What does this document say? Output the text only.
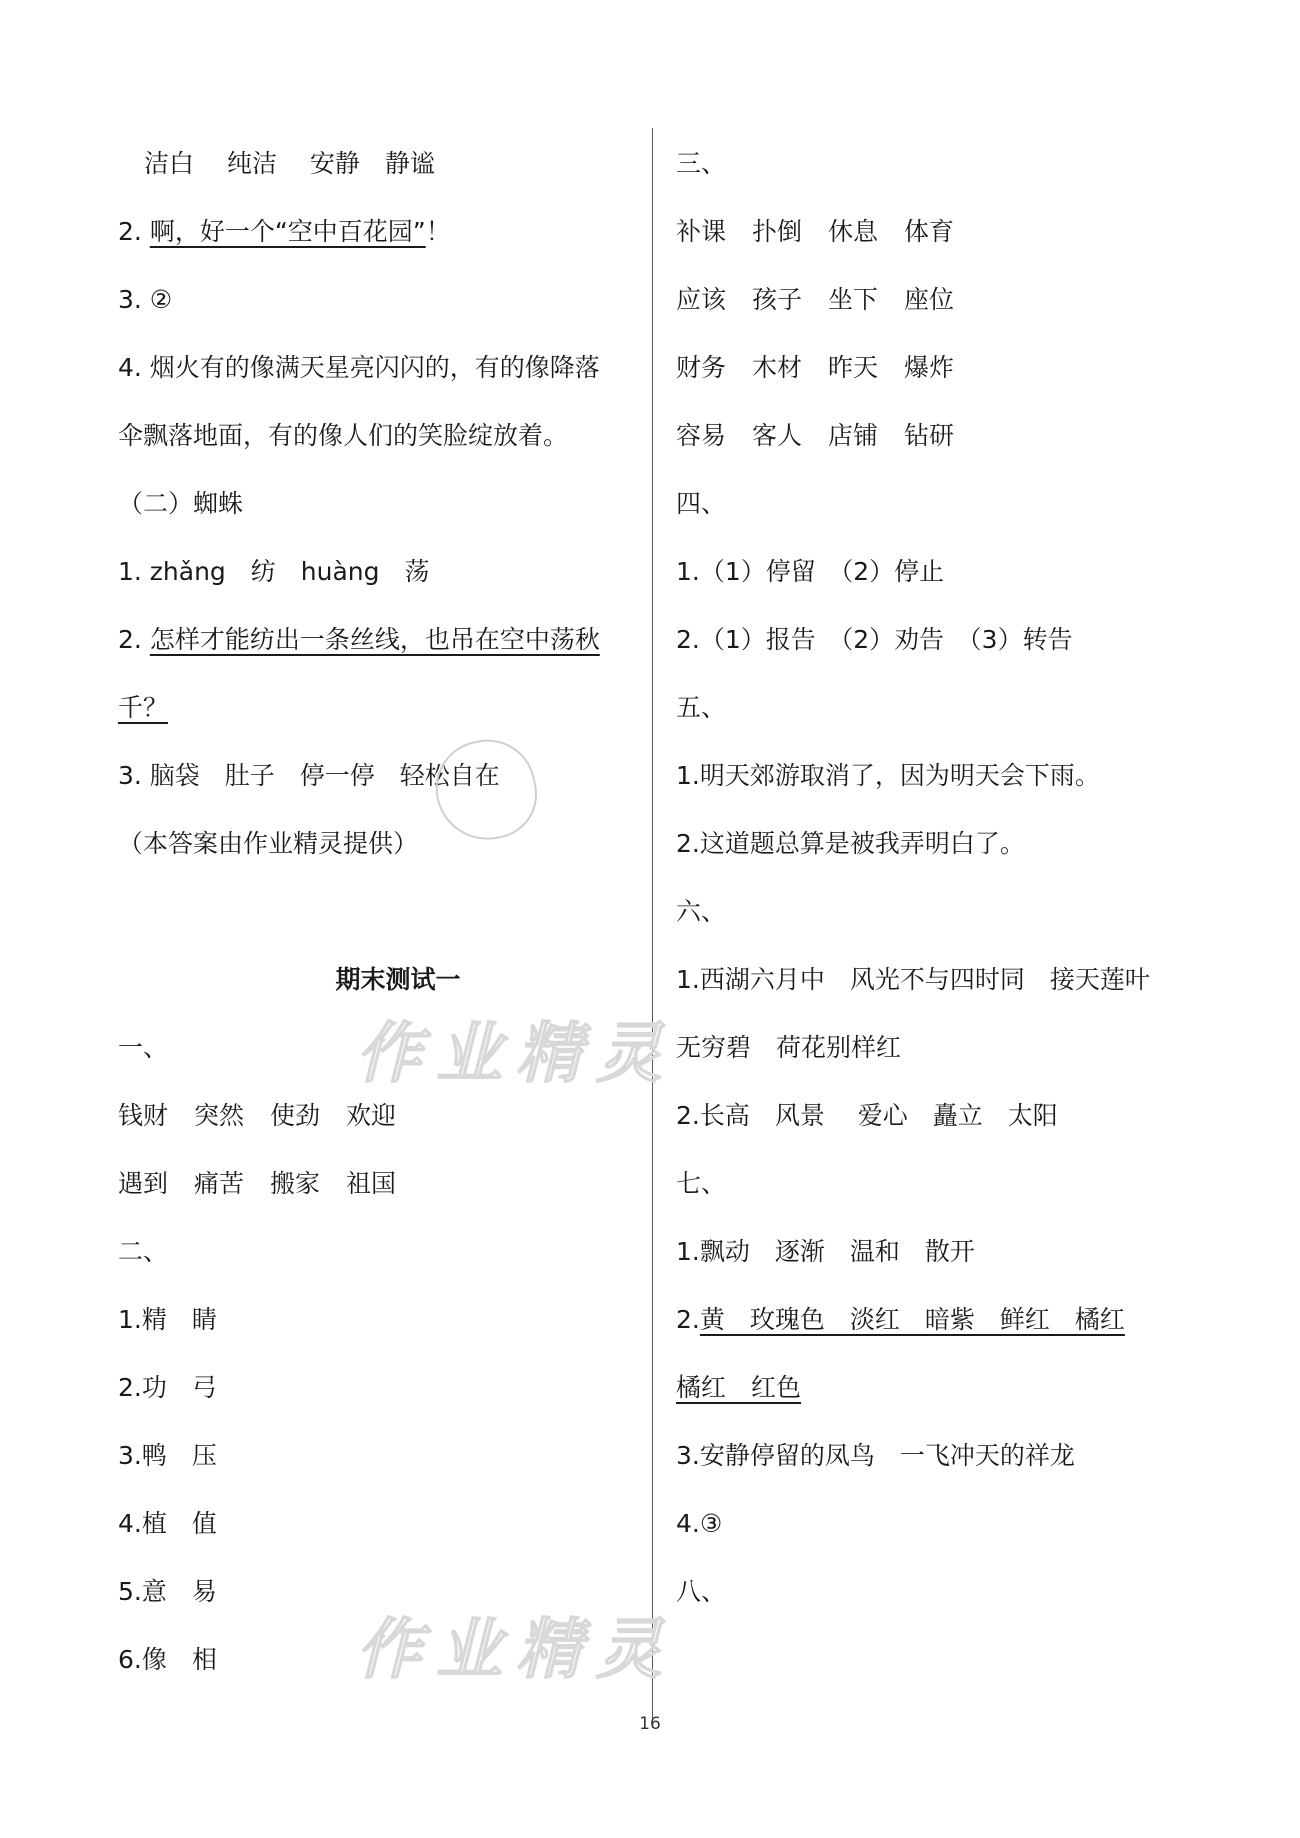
洁白　 纯洁　 安静　静谧
2. 啊，好一个“空中百花园”！
3. ②
4. 烟火有的像满天星亮闪闪的，有的像降落
伞飘落地面，有的像人们的笑脸绽放着。
（二）蜘蛛
1. zhǎng　纺　huàng　荡
2. 怎样才能纺出一条丝线，也吊在空中荡秋
千？
3. 脑袋　肚子　停一停　轻松自在
（本答案由作业精灵提供）
期末测试一
一、
钱财 突然 使劲 欢迎
遇到 痛苦 搬家 祖国
二、
1.精　睛
2.功　弓
3.鸭　压
4.植　值
5.意　易
6.像　相
三、
补课 扑倒 休息 体育
应该 孩子 坐下 座位
财务 木材 昨天 爆炸
容易 客人 店铺 钻研
四、
1.（1）停留　（2）停止
2.（1）报告　（2）劝告　（3）转告
五、
1.明天郊游取消了，因为明天会下雨。
2.这道题总算是被我弄明白了。
六、
1.西湖六月中　风光不与四时同　接天莲叶
无穷碧　荷花别样红
2.长高　风景　 爱心　矗立　太阳
七、
1.飘动　逐渐　温和　散开
2.黄　玫瑰色　淡红　暗紫　鲜红　橘红
橘红　红色
3.安静停留的凤鸟　一飞冲天的祥龙
4.③
八、
作业精灵
作业精灵
16
